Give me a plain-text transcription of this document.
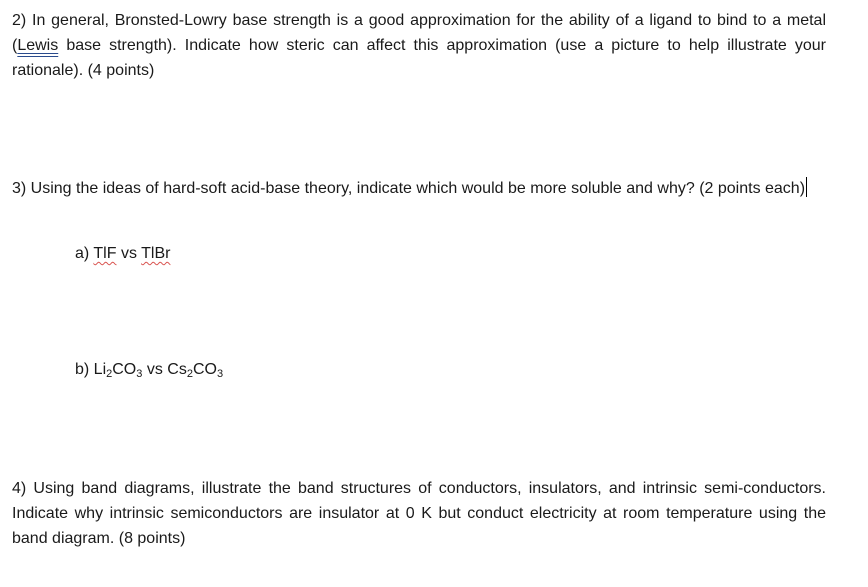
2) In general, Bronsted-Lowry base strength is a good approximation for the ability of a ligand to bind to a metal (Lewis base strength). Indicate how steric can affect this approximation (use a picture to help illustrate your rationale). (4 points)
3) Using the ideas of hard-soft acid-base theory, indicate which would be more soluble and why? (2 points each)
a) TlF vs TlBr
b) $Li_2CO_3$ vs $Cs_2CO_3$
4) Using band diagrams, illustrate the band structures of conductors, insulators, and intrinsic semi-conductors. Indicate why intrinsic semiconductors are insulator at 0 K but conduct electricity at room temperature using the band diagram. (8 points)
